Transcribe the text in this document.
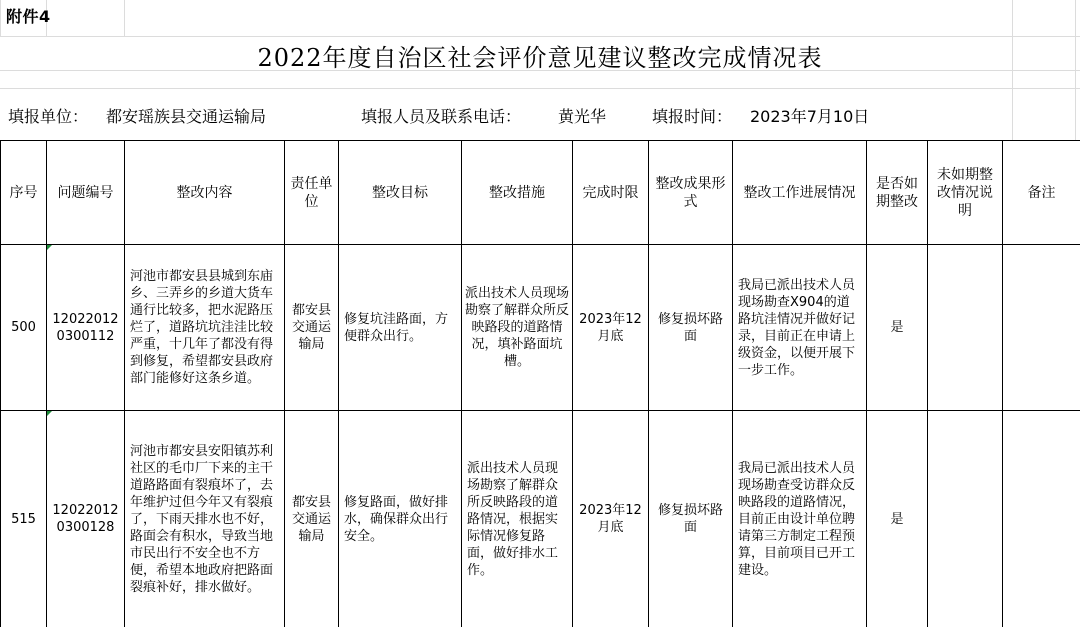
附件4
2022年度自治区社会评价意见建议整改完成情况表
填报单位： 都安瑶族县交通运输局	填报人员及联系电话： 黄光华	填报时间： 2023年7月10日
序号	问题编号	整改内容	责任单位	整改目标	整改措施	完成时限	整改成果形式	整改工作进展情况	是否如期整改	未如期整改情况说明	备注
500	120220120300112	河池市都安县县城到东庙乡、三弄乡的乡道大货车通行比较多，把水泥路压烂了，道路坑坑洼洼比较严重，十几年了都没有得到修复，希望都安县政府部门能修好这条乡道。	都安县交通运输局	修复坑洼路面，方便群众出行。	派出技术人员现场勘察了解群众所反映路段的道路情况，填补路面坑槽。	2023年12月底	修复损坏路面	我局已派出技术人员现场勘查X904的道路坑洼情况并做好记录，目前正在申请上级资金，以便开展下一步工作。	是		
515	120220120300128	河池市都安县安阳镇苏利社区的毛巾厂下来的主干道路路面有裂痕坏了，去年维护过但今年又有裂痕了，下雨天排水也不好，路面会有积水，导致当地市民出行不安全也不方便，希望本地政府把路面裂痕补好，排水做好。	都安县交通运输局	修复路面，做好排水，确保群众出行安全。	派出技术人员现场勘察了解群众所反映路段的道路情况，根据实际情况修复路面，做好排水工作。	2023年12月底	修复损坏路面	我局已派出技术人员现场勘查受访群众反映路段的道路情况，目前正由设计单位聘请第三方制定工程预算，目前项目已开工建设。	是		
